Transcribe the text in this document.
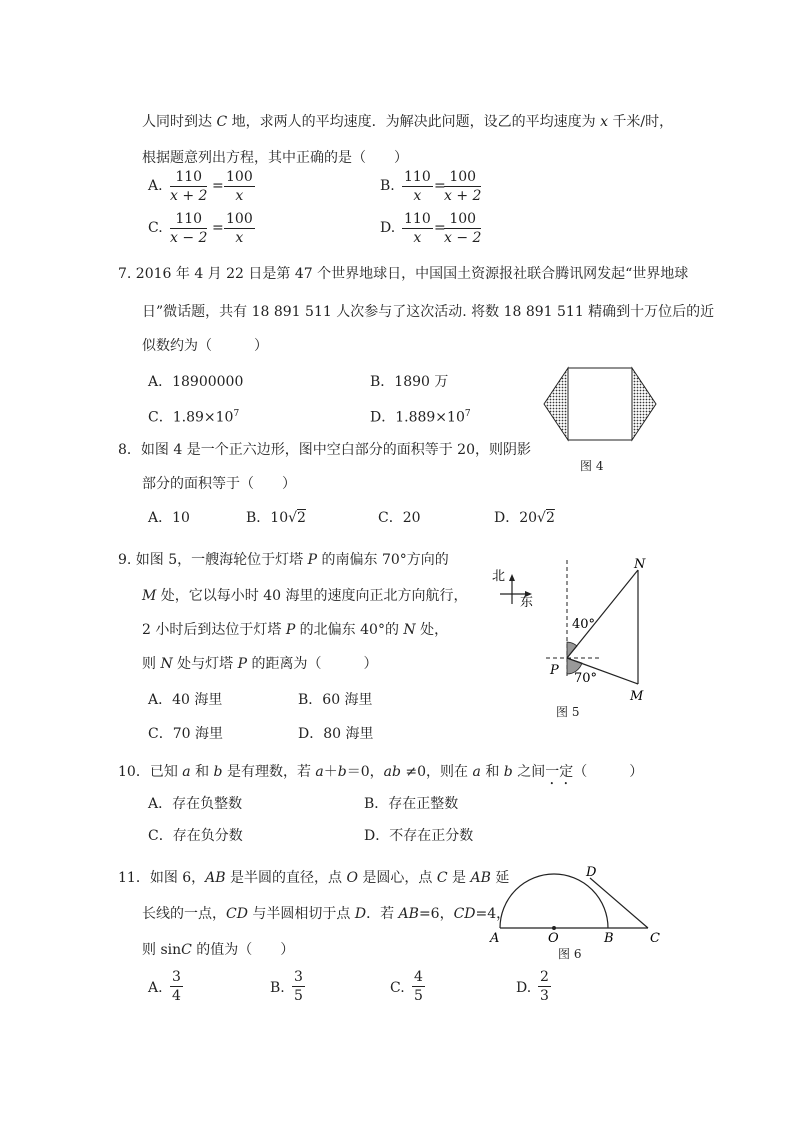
人同时到达 C 地，求两人的平均速度．为解决此问题，设乙的平均速度为 x 千米/时，
根据题意列出方程，其中正确的是（　　）
A. $\frac{110}{x + 2} = \frac{100}{x}$	B. $\frac{110}{x}$ =
$\frac{100}{x + 2}$
C. $\frac{110}{x - 2} = \frac{100}{x}$	D. $\frac{110}{x}$ =
$\frac{100}{x - 2}$
7. 2016 年 4 月 22 日是第 47 个世界地球日，中国国土资源报社联合腾讯网发起“世界地球
日”微话题，共有 18 891 511 人次参与了这次活动. 将数 18 891 511 精确到十万位后的近
似数约为（　　　）
A．18900000	B．1890 万
C．$1.89\times 10^7$	D．$1.889\times 10^7$
图 4
8．如图 4 是一个正六边形，图中空白部分的面积等于 20，则阴影
部分的面积等于（　　）
A．10	B．10√2	C．20	D．20√2
9. 如图 5，一艘海轮位于灯塔 P 的南偏东 70°方向的
M 处，它以每小时 40 海里的速度向正北方向航行，
2 小时后到达位于灯塔 P 的北偏东 40°的 N 处，
则 N 处与灯塔 P 的距离为（　　　）
A．40 海里	B．60 海里
C．70 海里	D．80 海里
北
东
40°
70°
N
P
M
图 5
10．已知 a 和 b 是有理数，若 a＋b＝0，ab ≠0，则在 a 和 b 之间一定（　　　）
A．存在负整数	B．存在正整数
C．存在负分数	D．不存在正分数
11．如图 6，AB 是半圆的直径，点 O 是圆心，点 C 是 AB 延
长线的一点，CD 与半圆相切于点 D．若 AB=6，CD=4，
则 sinC 的值为（　　）
A. $\frac{3}{4}$	B. $\frac{3}{5}$	C. $\frac{4}{5}$	D. $\frac{2}{3}$
A	O	B	C
D
图 6
